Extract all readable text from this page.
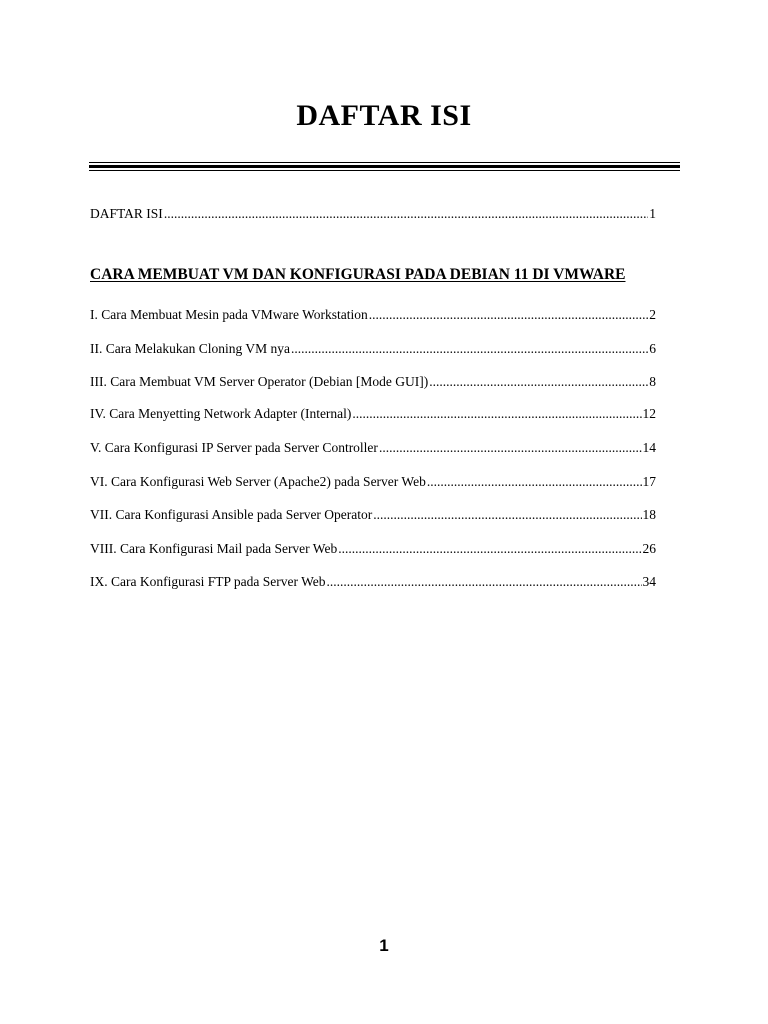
DAFTAR ISI
DAFTAR ISI .....	1
CARA MEMBUAT VM DAN KONFIGURASI PADA DEBIAN 11 DI VMWARE
I. Cara Membuat Mesin pada VMware Workstation .....	2
II. Cara Melakukan Cloning VM nya .....	6
III. Cara Membuat VM Server Operator (Debian [Mode GUI]) .....	8
IV. Cara Menyetting Network Adapter (Internal) .....	12
V. Cara Konfigurasi IP Server pada Server Controller .....	14
VI. Cara Konfigurasi Web Server (Apache2) pada Server Web .....	17
VII. Cara Konfigurasi Ansible pada Server Operator .....	18
VIII. Cara Konfigurasi Mail pada Server Web .....	26
IX. Cara Konfigurasi FTP pada Server Web .....	34
1
